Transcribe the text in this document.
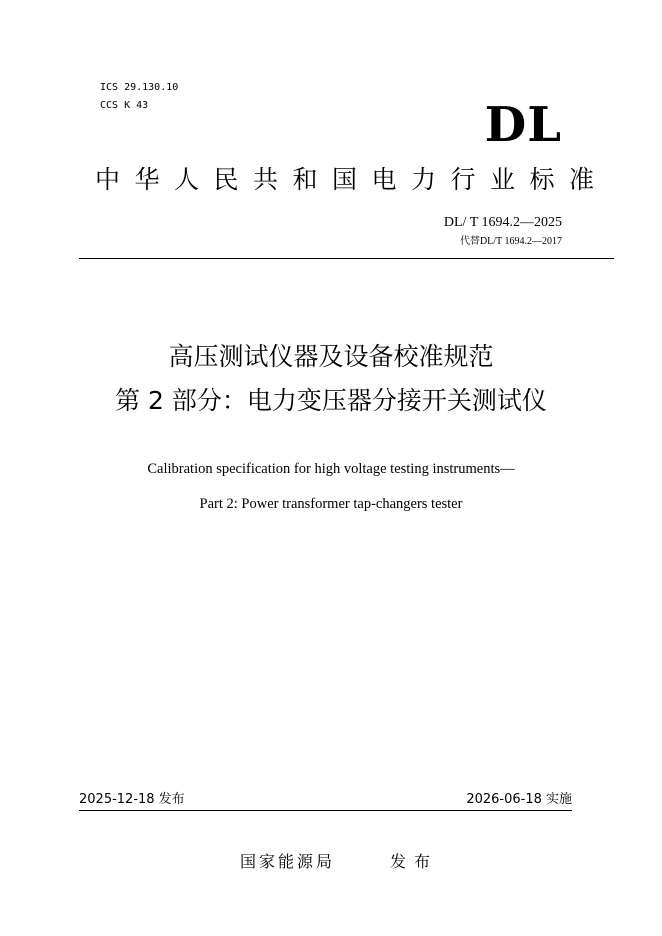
ICS 29.130.10
CCS K 43	DL
中华人民共和国电力行业标准
DL/ T 1694.2—2025
代替DL/T 1694.2—2017
高压测试仪器及设备校准规范
第 2 部分：电力变压器分接开关测试仪
Calibration specification for high voltage testing instruments—
Part 2: Power transformer tap-changers tester
2025-12-18 发布	2026-06-18 实施
国家能源局	发布
